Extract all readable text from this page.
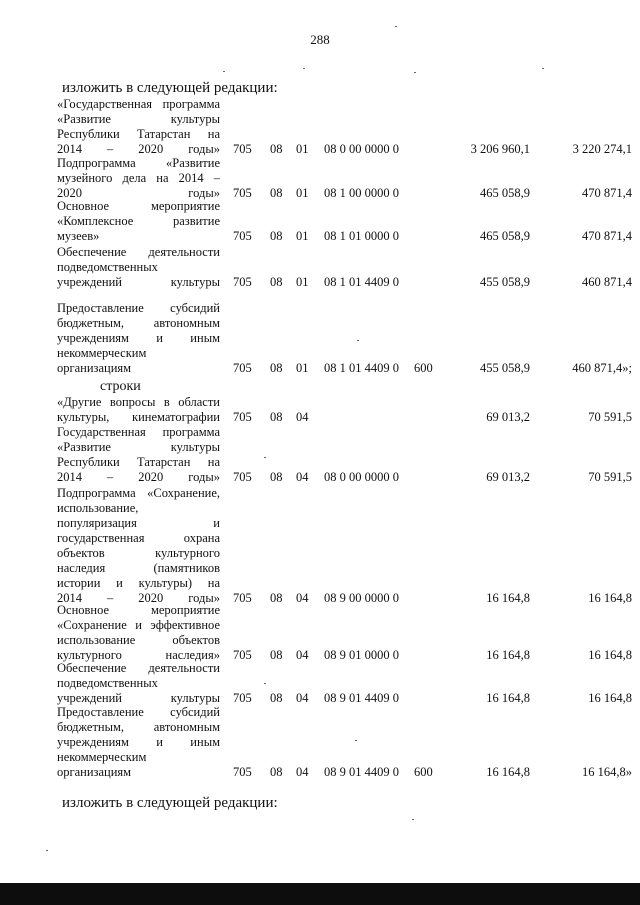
288
изложить в следующей редакции:
строки
изложить в следующей редакции:
«Государственная программа
«Развитие культуры
Республики Татарстан на
2014 – 2020 годы» 705 08 01 08 0 00 0000 0	3 206 960,1	3 220 274,1
Подпрограмма «Развитие
музейного дела на 2014 –
2020 годы» 705 08 01 08 1 00 0000 0	465 058,9	470 871,4
Основное мероприятие
«Комплексное развитие
музеев»	705 08 01 08 1 01 0000 0	465 058,9	470 871,4
Обеспечение деятельности
подведомственных
учреждений культуры 705 08 01 08 1 01 4409 0	455 058,9	460 871,4
Предоставление субсидий
бюджетным, автономным
учреждениям и иным
некоммерческим
организациям	705 08 01 08 1 01 4409 0 600	455 058,9	460 871,4»;
«Другие вопросы в области
культуры, кинематографии 705 08 04	69 013,2	70 591,5
Государственная программа
«Развитие культуры
Республики Татарстан на
2014 – 2020 годы» 705 08 04 08 0 00 0000 0	69 013,2	70 591,5
Подпрограмма «Сохранение,
использование,
популяризация и
государственная охрана
объектов культурного
наследия (памятников
истории и культуры) на
2014 – 2020 годы» 705 08 04 08 9 00 0000 0	16 164,8	16 164,8
Основное мероприятие
«Сохранение и эффективное
использование объектов
культурного наследия» 705 08 04 08 9 01 0000 0	16 164,8	16 164,8
Обеспечение деятельности
подведомственных
учреждений культуры 705 08 04 08 9 01 4409 0	16 164,8	16 164,8
Предоставление субсидий
бюджетным, автономным
учреждениям и иным
некоммерческим
организациям	705 08 04 08 9 01 4409 0 600	16 164,8	16 164,8»
